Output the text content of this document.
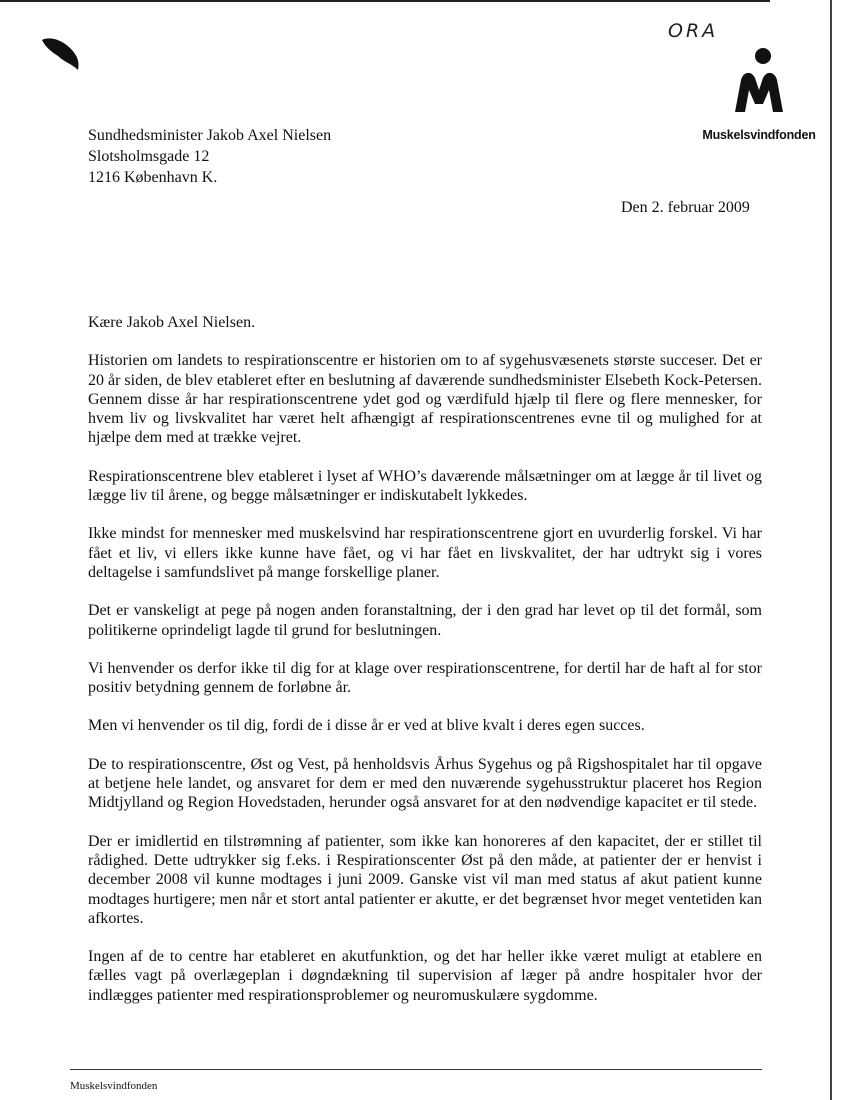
ORA
Muskelsvindfonden
Sundhedsminister Jakob Axel Nielsen
Slotsholmsgade 12
1216 København K.
Den 2. februar 2009

Kære Jakob Axel Nielsen.

Historien om landets to respirationscentre er historien om to af sygehusvæsenets største succeser. Det er 20 år siden, de blev etableret efter en beslutning af daværende sundhedsminister Elsebeth Kock-Petersen. Gennem disse år har respirationscentrene ydet god og værdifuld hjælp til flere og flere mennesker, for hvem liv og livskvalitet har været helt afhængigt af respirationscentrenes evne til og mulighed for at hjælpe dem med at trække vejret.

Respirationscentrene blev etableret i lyset af WHO’s daværende målsætninger om at lægge år til livet og lægge liv til årene, og begge målsætninger er indiskutabelt lykkedes.

Ikke mindst for mennesker med muskelsvind har respirationscentrene gjort en uvurderlig forskel. Vi har fået et liv, vi ellers ikke kunne have fået, og vi har fået en livskvalitet, der har udtrykt sig i vores deltagelse i samfundslivet på mange forskellige planer.

Det er vanskeligt at pege på nogen anden foranstaltning, der i den grad har levet op til det formål, som politikerne oprindeligt lagde til grund for beslutningen.

Vi henvender os derfor ikke til dig for at klage over respirationscentrene, for dertil har de haft al for stor positiv betydning gennem de forløbne år.

Men vi henvender os til dig, fordi de i disse år er ved at blive kvalt i deres egen succes.

De to respirationscentre, Øst og Vest, på henholdsvis Århus Sygehus og på Rigshospitalet har til opgave at betjene hele landet, og ansvaret for dem er med den nuværende sygehusstruktur placeret hos Region Midtjylland og Region Hovedstaden, herunder også ansvaret for at den nødvendige kapacitet er til stede.

Der er imidlertid en tilstrømning af patienter, som ikke kan honoreres af den kapacitet, der er stillet til rådighed. Dette udtrykker sig f.eks. i Respirationscenter Øst på den måde, at patienter der er henvist i december 2008 vil kunne modtages i juni 2009. Ganske vist vil man med status af akut patient kunne modtages hurtigere; men når et stort antal patienter er akutte, er det begrænset hvor meget ventetiden kan afkortes.

Ingen af de to centre har etableret en akutfunktion, og det har heller ikke været muligt at etablere en fælles vagt på overlægeplan i døgndækning til supervision af læger på andre hospitaler hvor der indlægges patienter med respirationsproblemer og neuromuskulære sygdomme.

Muskelsvindfonden
